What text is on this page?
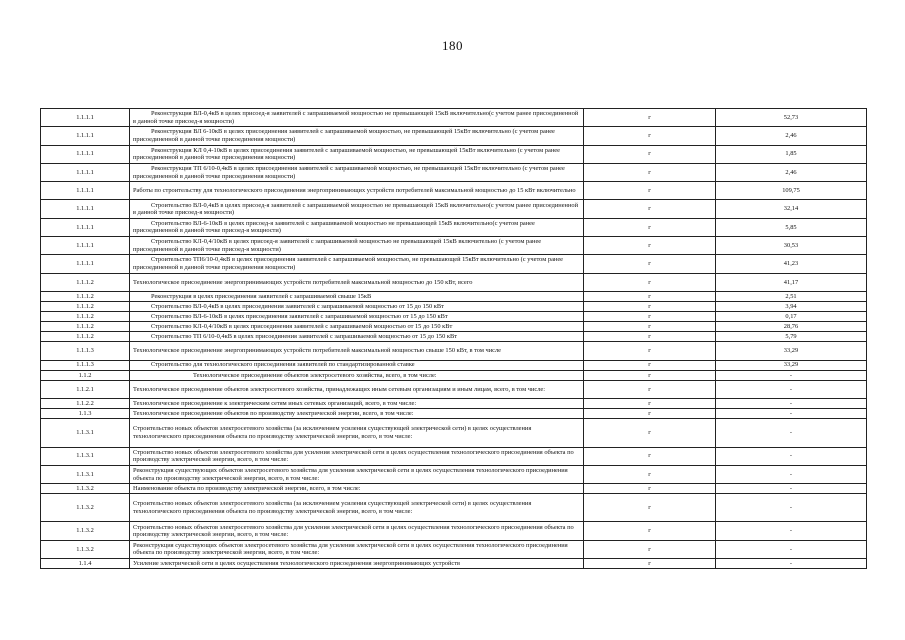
180
1.1.1.1	Реконструкция ВЛ-0,4кВ в целях присоед-я заявителей с запрашиваемой мощностью не превышающей 15кВ включительно(с учетом ранее присоединенной в данной точке присоед-я мощности)	г	52,73
1.1.1.1	Реконструкция ВЛ 6-10кВ в целях присоединения заявителей с запрашиваемой мощностью, не превышающей 15кВт включительно (с учетом ранее присоединенной в данной точке присоединения мощности)	г	2,46
1.1.1.1	Реконструкция КЛ 0,4-10кВ в целях присоединения заявителей с запрашиваемой мощностью, не превышающей 15кВт включительно (с учетом ранее присоединенной в данной точке присоединения мощности)	г	1,85
1.1.1.1	Реконструкция ТП 6/10-0,4кВ в целях присоединения заявителей с запрашиваемой мощностью, не превышающей 15кВт включительно (с учетом ранее присоединенной в данной точке присоединения мощности)	г	2,46
1.1.1.1	Работы по строительству для технологического присоединения энергопринимающих устройств потребителей максимальной мощностью до 15 кВт включительно	г	109,75
1.1.1.1	Строительство ВЛ-0,4кВ в целях присоед-я заявителей с запрашиваемой мощностью не превышающей 15кВ включительно(с учетом ранее присоединенной в данной точке присоед-я мощности)	г	32,14
1.1.1.1	Строительство ВЛ-6-10кВ в целях присоед-я заявителей с запрашиваемой мощностью не превышающей 15кВ включительно(с учетом ранее присоединенной в данной точке присоед-я мощности)	г	5,85
1.1.1.1	Строительство КЛ-0,4/10кВ в целях присоед-я заявителей с запрашиваемой мощностью не превышающей 15кВ включительно (с учетом ранее присоединенной в данной точке присоед-я мощности)	г	30,53
1.1.1.1	Строительство ТП6/10-0,4кВ в целях присоединения заявителей с запрашиваемой мощностью, не превышающей 15кВт включительно (с учетом ранее присоединенной в данной точке присоединения мощности)	г	41,23
1.1.1.2	Технологическое присоединение энергопринимающих устройств потребителей максимальной мощностью до 150 кВт, всего	г	41,17
1.1.1.2	Реконструкция в целях присоединения заявителей с запрашиваемой свыше 15кВ	г	2,51
1.1.1.2	Строительство ВЛ-0,4кВ в целях присоединения заявителей с запрашиваемой мощностью от 15 до 150 кВт	г	3,94
1.1.1.2	Строительство ВЛ-6-10кВ в целях присоединения заявителей с запрашиваемой мощностью от 15 до 150 кВт	г	0,17
1.1.1.2	Строительство КЛ-0,4/10кВ в целях присоединения заявителей с запрашиваемой мощностью от 15 до 150 кВт	г	28,76
1.1.1.2	Строительство ТП 6/10-0,4кВ в целях присоединения заявителей с запрашиваемой мощностью от 15 до 150 кВт	г	5,79
1.1.1.3	Технологическое присоединение энергопринимающих устройств потребителей максимальной мощностью свыше 150 кВт, в том числе	г	33,29
1.1.1.3	Строительство для технологического присоединения заявителей по стандартизированной ставке	г	33,29
1.1.2	Технологическое присоединение объектов электросетевого хозяйства, всего, в том числе:	г	-
1.1.2.1	Технологическое присоединение объектов электросетевого хозяйства, принадлежащих иным сетевым организациям и иным лицам, всего, в том числе:	г	-
1.1.2.2	Технологическое присоединение к электрическим сетям иных сетевых организаций, всего, в том числе:	г	-
1.1.3	Технологическое присоединение объектов по производству электрической энергии, всего, в том числе:	г	-
1.1.3.1	Строительство новых объектов электросетевого хозяйства (за исключением усиления существующей электрической сети) в целях осуществления технологического присоединения объекта по производству электрической энергии, всего, в том числе:	г	-
1.1.3.1	Строительство новых объектов электросетевого хозяйства для усиления электрической сети в целях осуществления технологического присоединения объекта по производству электрической энергии, всего, в том числе:	г	-
1.1.3.1	Реконструкция существующих объектов электросетевого хозяйства для усиления электрической сети в целях осуществления технологического присоединения объекта по производству электрической энергии, всего, в том числе:	г	-
1.1.3.2	Наименование объекта по производству электрической энергии, всего, в том числе:	г	-
1.1.3.2	Строительство новых объектов электросетевого хозяйства (за исключением усиления существующей электрической сети) в целях осуществления технологического присоединения объекта по производству электрической энергии, всего, в том числе:	г	-
1.1.3.2	Строительство новых объектов электросетевого хозяйства для усиления электрической сети в целях осуществления технологического присоединения объекта по производству электрической энергии, всего, в том числе:	г	-
1.1.3.2	Реконструкция существующих объектов электросетевого хозяйства для усиления электрической сети в целях осуществления технологического присоединения объекта по производству электрической энергии, всего, в том числе:	г	-
1.1.4	Усиление электрической сети в целях осуществления технологического присоединения энергопринимающих устройств	г	-
